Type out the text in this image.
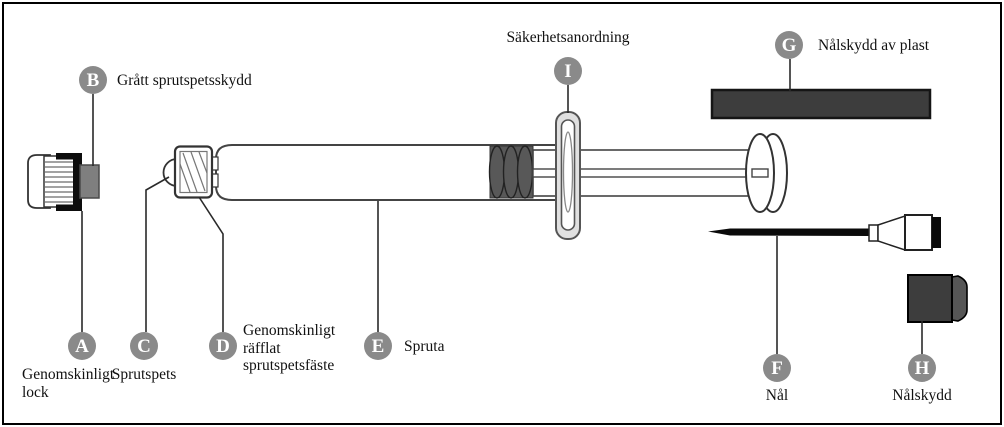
A
B
C	D	E
F
G
H
I
Genomskinligt lock
Grått sprutspetsskydd
Sprutspets
Genomskinligt räfflat sprutspetsfäste
Spruta
Nål
Nålskydd av plast
Nålskydd
Säkerhetsanordning
